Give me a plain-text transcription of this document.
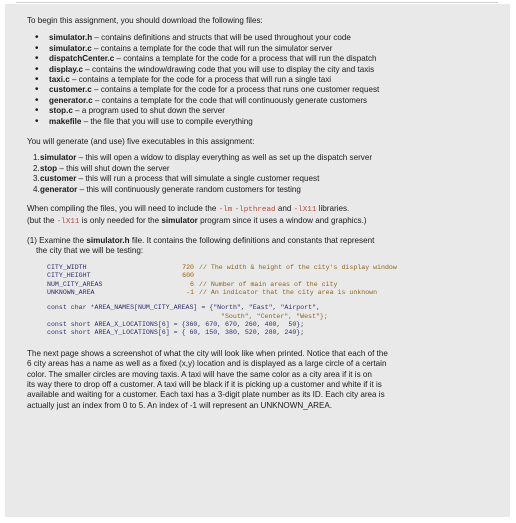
To begin this assignment, you should download the following files:

• simulator.h – contains definitions and structs that will be used throughout your code
• simulator.c – contains a template for the code that will run the simulator server
• dispatchCenter.c – contains a template for the code for a process that will run the dispatch
• display.c – contains the window/drawing code that you will use to display the city and taxis
• taxi.c – contains a template for the code for a process that will run a single taxi
• customer.c – contains a template for the code for a process that runs one customer request
• generator.c – contains a template for the code that will continuously generate customers
• stop.c – a program used to shut down the server
• makefile – the file that you will use to compile everything

You will generate (and use) five executables in this assignment:

1. simulator – this will open a widow to display everything as well as set up the dispatch server
2. stop – this will shut down the server
3. customer – this will run a process that will simulate a single customer request
4. generator – this will continuously generate random customers for testing

When compiling the files, you will need to include the -lm -lpthread and -lX11 libraries.

(but the -lX11 is only needed for the simulator program since it uses a window and graphics.)

(1) Examine the simulator.h file. It contains the following definitions and constants that represent

the city that we will be testing:

CITY_WIDTH	720 // The width & height of the city's display window
CITY_HEIGHT	600
NUM_CITY_AREAS	6 // Number of main areas of the city
UNKNOWN_AREA	-1 // An indicator that the city area is unknown
const char *AREA_NAMES[NUM_CITY_AREAS] = {"North", "East", "Airport",
"South", "Center", "West"};
const short AREA_X_LOCATIONS[6] = {360, 670, 670, 260, 400,  50};
const short AREA_Y_LOCATIONS[6] = { 60, 150, 380, 520, 280, 240};

The next page shows a screenshot of what the city will look like when printed. Notice that each of the

6 city areas has a name as well as a fixed (x,y) location and is displayed as a large circle of a certain

color. The smaller circles are moving taxis. A taxi will have the same color as a city area if it is on

its way there to drop off a customer. A taxi will be black if it is picking up a customer and white if it is

available and waiting for a customer. Each taxi has a 3-digit plate number as its ID. Each city area is

actually just an index from 0 to 5. An index of -1 will represent an UNKNOWN_AREA.
